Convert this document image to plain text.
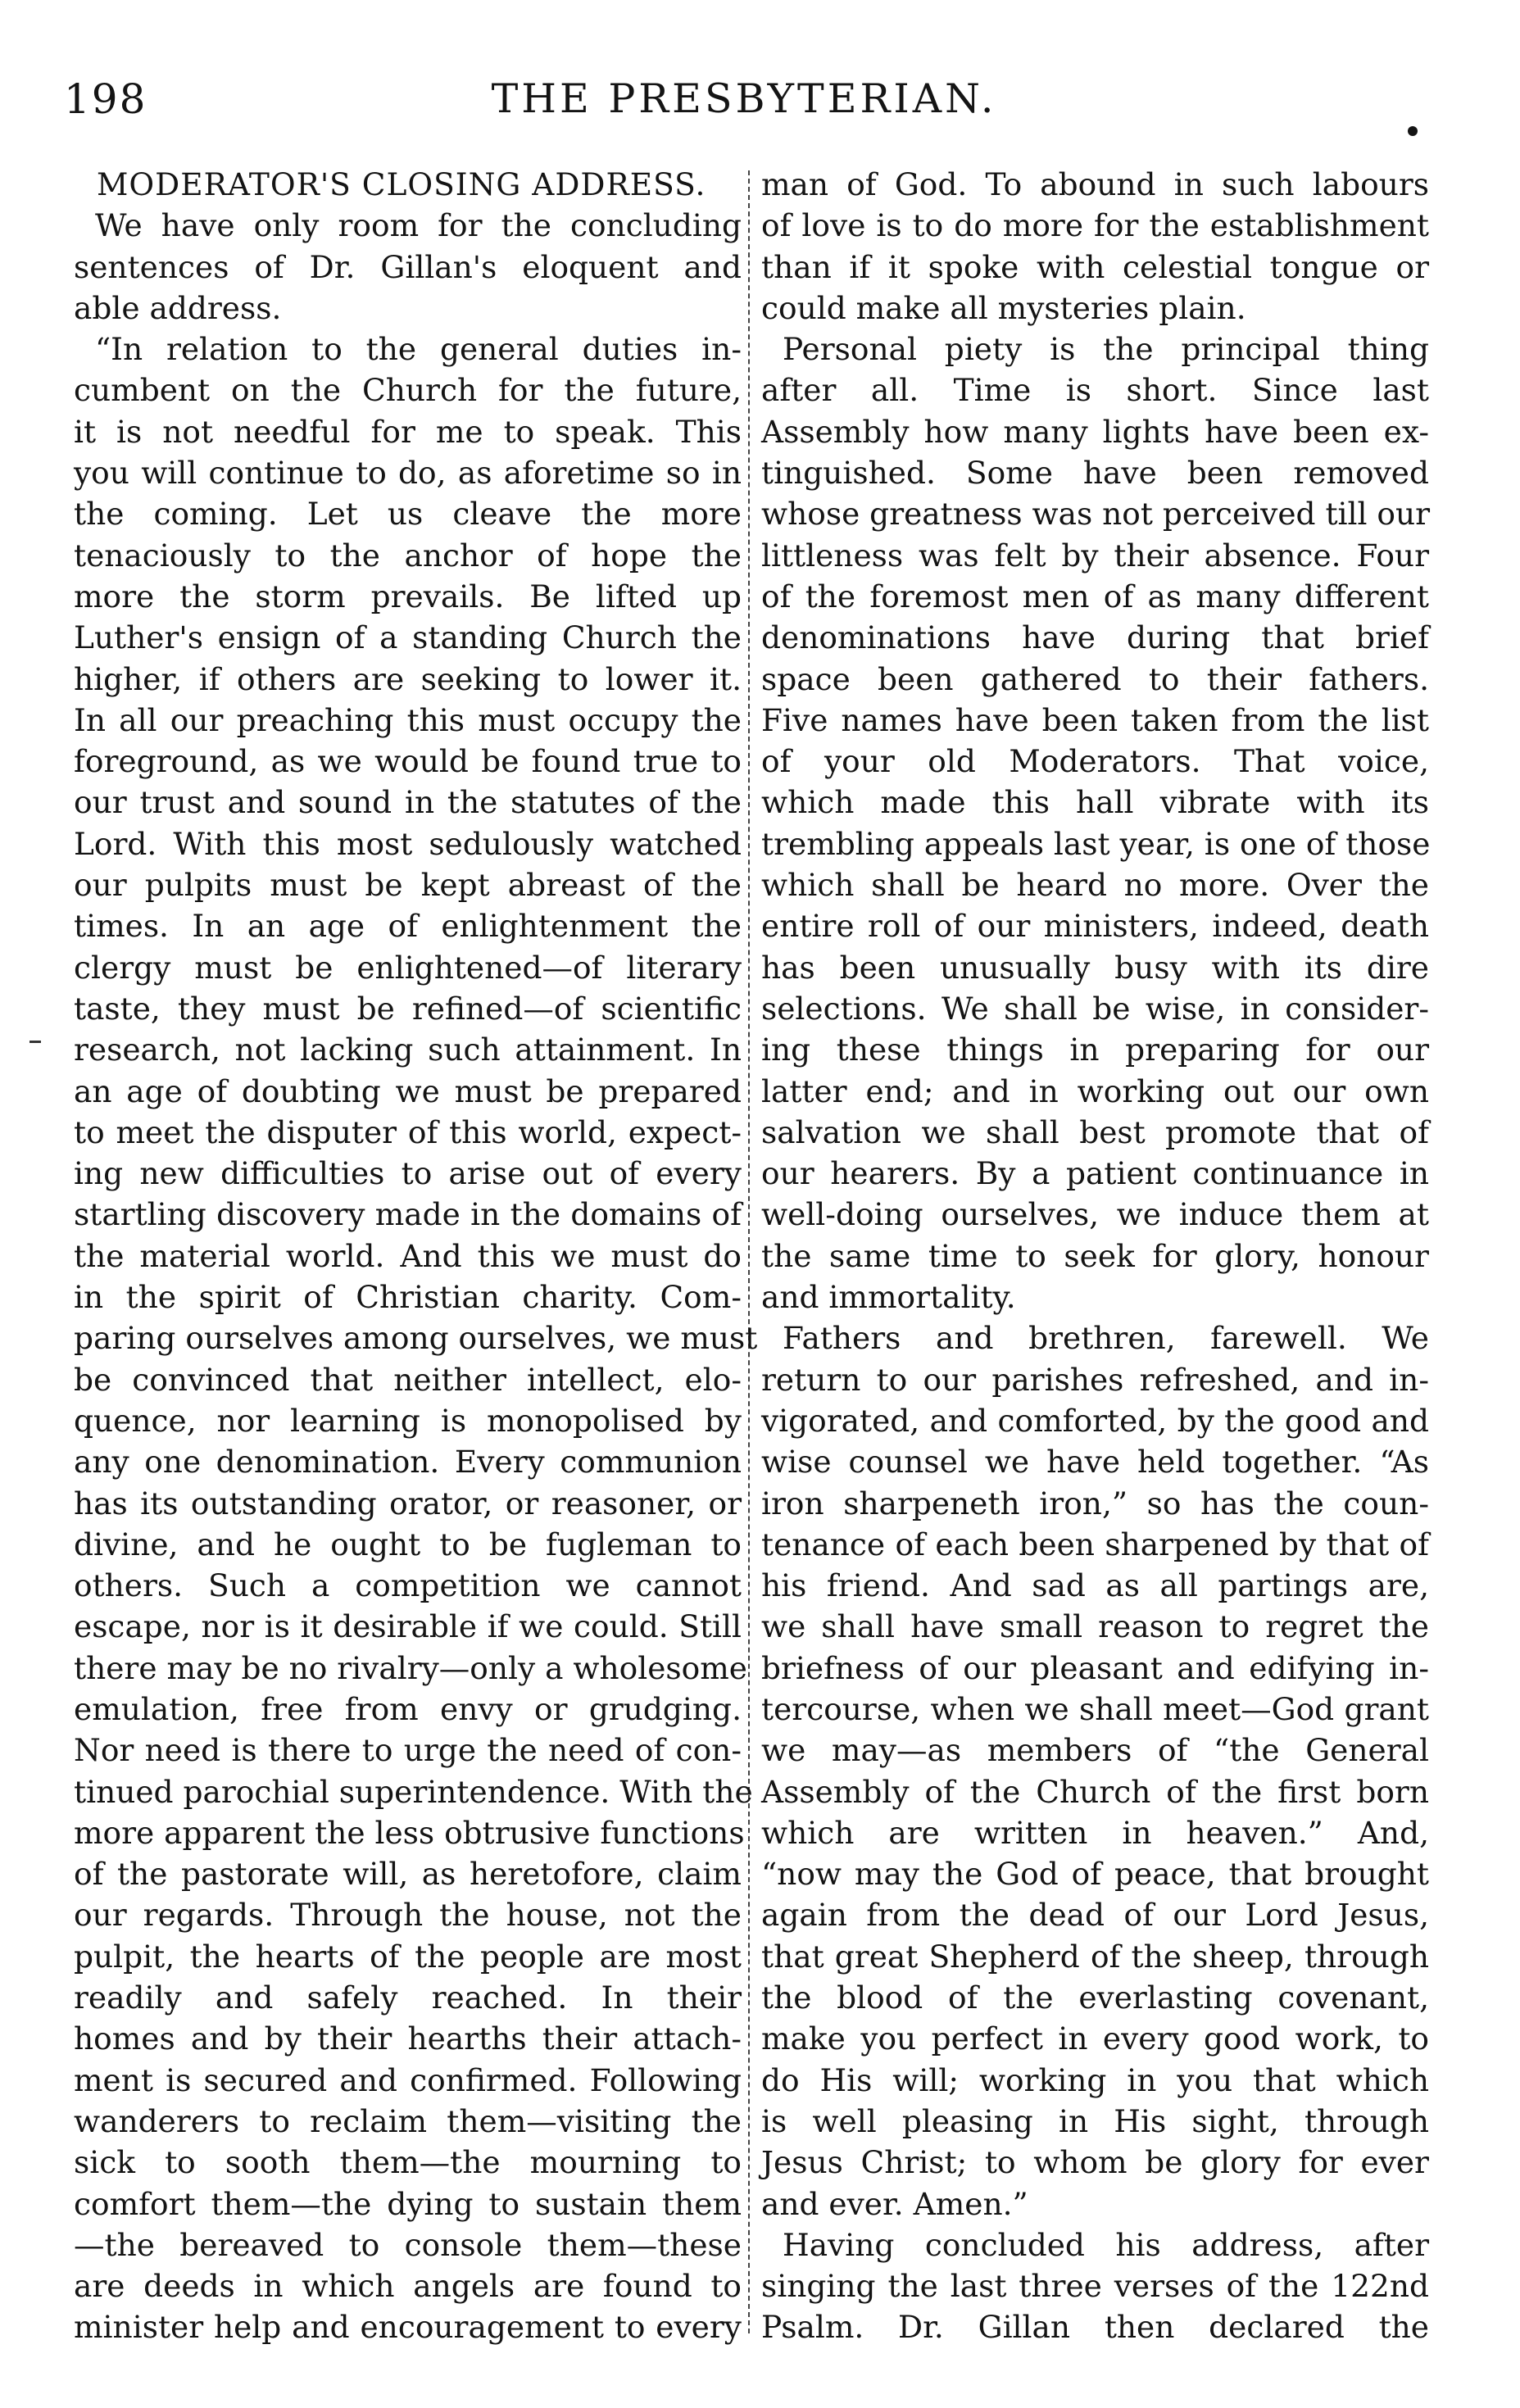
198	THE PRESBYTERIAN.
MODERATOR'S CLOSING ADDRESS.
We have only room for the concluding
sentences of Dr. Gillan's eloquent and
able address.
“In relation to the general duties in-
cumbent on the Church for the future,
it is not needful for me to speak. This
you will continue to do, as aforetime so in
the coming. Let us cleave the more
tenaciously to the anchor of hope the
more the storm prevails. Be lifted up
Luther's ensign of a standing Church the
higher, if others are seeking to lower it.
In all our preaching this must occupy the
foreground, as we would be found true to
our trust and sound in the statutes of the
Lord. With this most sedulously watched
our pulpits must be kept abreast of the
times. In an age of enlightenment the
clergy must be enlightened—of literary
taste, they must be refined—of scientific
research, not lacking such attainment. In
an age of doubting we must be prepared
to meet the disputer of this world, expect-
ing new difficulties to arise out of every
startling discovery made in the domains of
the material world. And this we must do
in the spirit of Christian charity. Com-
paring ourselves among ourselves, we must
be convinced that neither intellect, elo-
quence, nor learning is monopolised by
any one denomination. Every communion
has its outstanding orator, or reasoner, or
divine, and he ought to be fugleman to
others. Such a competition we cannot
escape, nor is it desirable if we could. Still
there may be no rivalry—only a wholesome
emulation, free from envy or grudging.
Nor need is there to urge the need of con-
tinued parochial superintendence. With the
more apparent the less obtrusive functions
of the pastorate will, as heretofore, claim
our regards. Through the house, not the
pulpit, the hearts of the people are most
readily and safely reached. In their
homes and by their hearths their attach-
ment is secured and confirmed. Following
wanderers to reclaim them—visiting the
sick to sooth them—the mourning to
comfort them—the dying to sustain them
—the bereaved to console them—these
are deeds in which angels are found to
minister help and encouragement to every
man of God. To abound in such labours
of love is to do more for the establishment
than if it spoke with celestial tongue or
could make all mysteries plain.
Personal piety is the principal thing
after all. Time is short. Since last
Assembly how many lights have been ex-
tinguished. Some have been removed
whose greatness was not perceived till our
littleness was felt by their absence. Four
of the foremost men of as many different
denominations have during that brief
space been gathered to their fathers.
Five names have been taken from the list
of your old Moderators. That voice,
which made this hall vibrate with its
trembling appeals last year, is one of those
which shall be heard no more. Over the
entire roll of our ministers, indeed, death
has been unusually busy with its dire
selections. We shall be wise, in consider-
ing these things in preparing for our
latter end; and in working out our own
salvation we shall best promote that of
our hearers. By a patient continuance in
well-doing ourselves, we induce them at
the same time to seek for glory, honour
and immortality.
Fathers and brethren, farewell. We
return to our parishes refreshed, and in-
vigorated, and comforted, by the good and
wise counsel we have held together. “As
iron sharpeneth iron,” so has the coun-
tenance of each been sharpened by that of
his friend. And sad as all partings are,
we shall have small reason to regret the
briefness of our pleasant and edifying in-
tercourse, when we shall meet—God grant
we may—as members of “the General
Assembly of the Church of the first born
which are written in heaven.” And,
“now may the God of peace, that brought
again from the dead of our Lord Jesus,
that great Shepherd of the sheep, through
the blood of the everlasting covenant,
make you perfect in every good work, to
do His will; working in you that which
is well pleasing in His sight, through
Jesus Christ; to whom be glory for ever
and ever. Amen.”
Having concluded his address, after
singing the last three verses of the 122nd
Psalm. Dr. Gillan then declared the
